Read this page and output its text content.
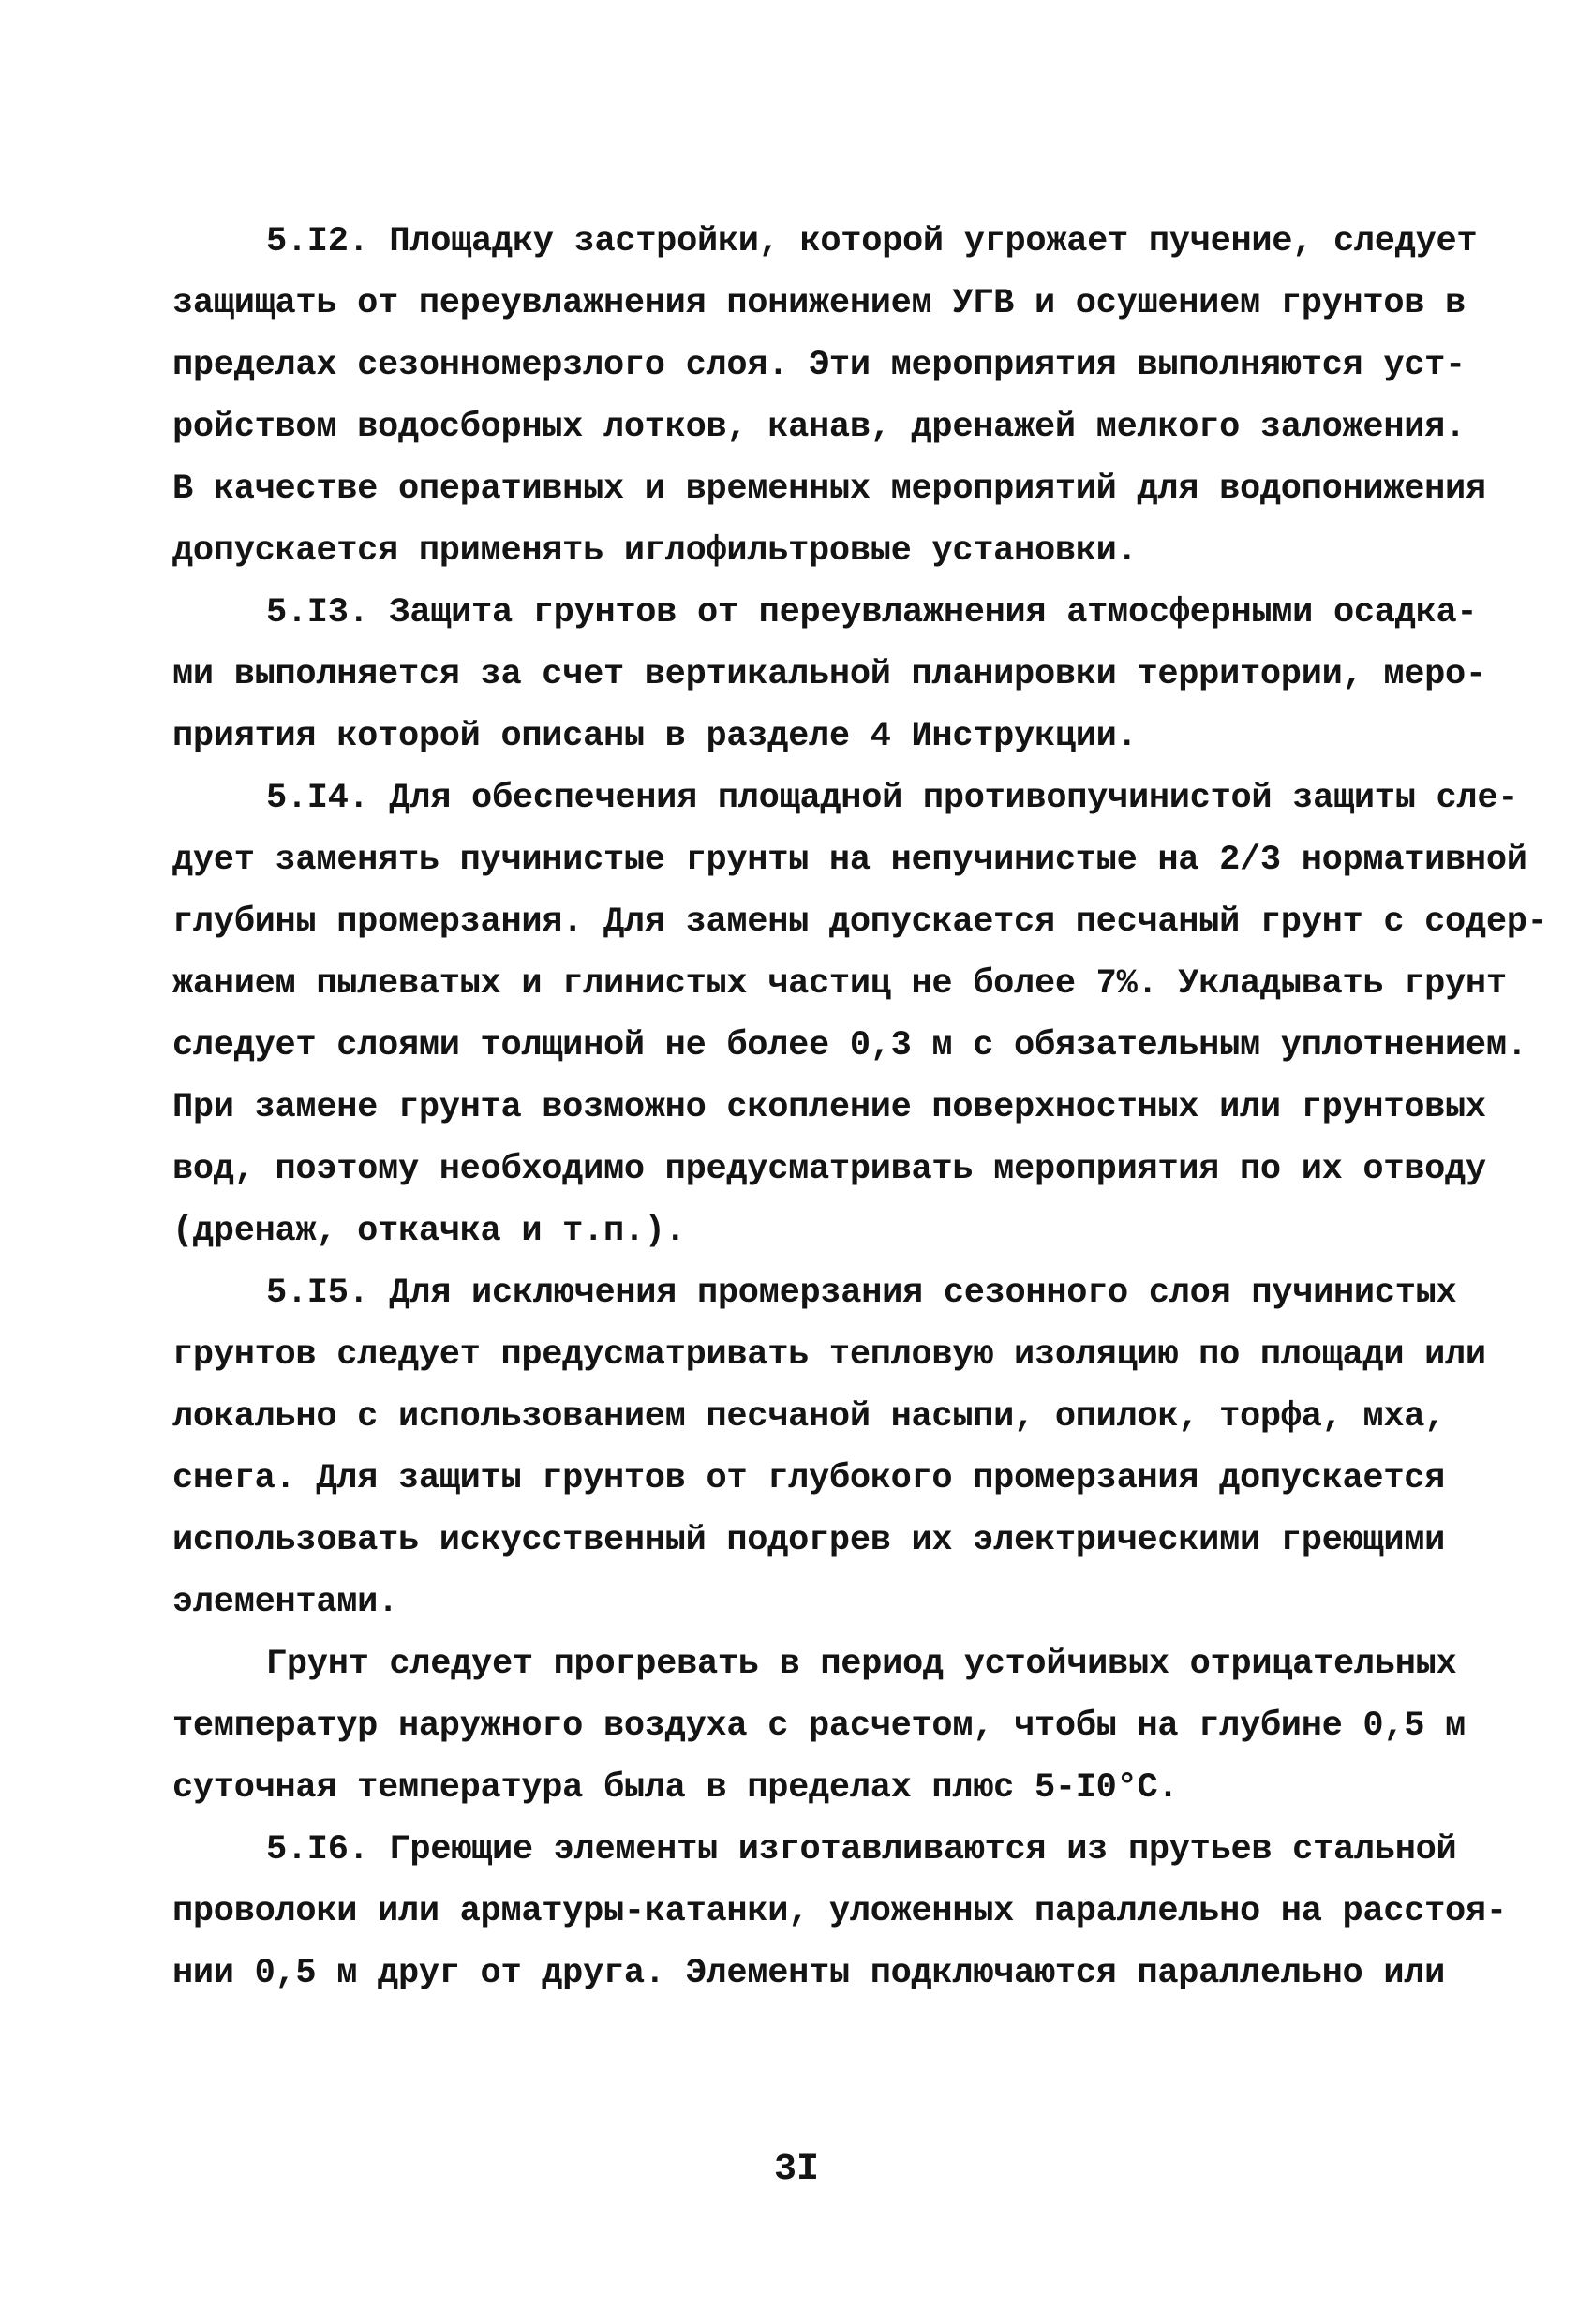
5.I2. Площадку застройки, которой угрожает пучение, следует
защищать от переувлажнения понижением УГВ и осушением грунтов в
пределах сезонномерзлого слоя. Эти мероприятия выполняются уст-
ройством водосборных лотков, канав, дренажей мелкого заложения.
В качестве оперативных и временных мероприятий для водопонижения
допускается применять иглофильтровые установки.
5.I3. Защита грунтов от переувлажнения атмосферными осадка-
ми выполняется за счет вертикальной планировки территории, меро-
приятия которой описаны в разделе 4 Инструкции.
5.I4. Для обеспечения площадной противопучинистой защиты сле-
дует заменять пучинистые грунты на непучинистые на 2/3 нормативной
глубины промерзания. Для замены допускается песчаный грунт с содер-
жанием пылеватых и глинистых частиц не более 7%. Укладывать грунт
следует слоями толщиной не более 0,3 м с обязательным уплотнением.
При замене грунта возможно скопление поверхностных или грунтовых
вод, поэтому необходимо предусматривать мероприятия по их отводу
(дренаж, откачка и т.п.).
5.I5. Для исключения промерзания сезонного слоя пучинистых
грунтов следует предусматривать тепловую изоляцию по площади или
локально с использованием песчаной насыпи, опилок, торфа, мха,
снега. Для защиты грунтов от глубокого промерзания допускается
использовать искусственный подогрев их электрическими греющими
элементами.
Грунт следует прогревать в период устойчивых отрицательных
температур наружного воздуха с расчетом, чтобы на глубине 0,5 м
суточная температура была в пределах плюс 5-I0°С.
5.I6. Греющие элементы изготавливаются из прутьев стальной
проволоки или арматуры-катанки, уложенных параллельно на расстоя-
нии 0,5 м друг от друга. Элементы подключаются параллельно или
3I
